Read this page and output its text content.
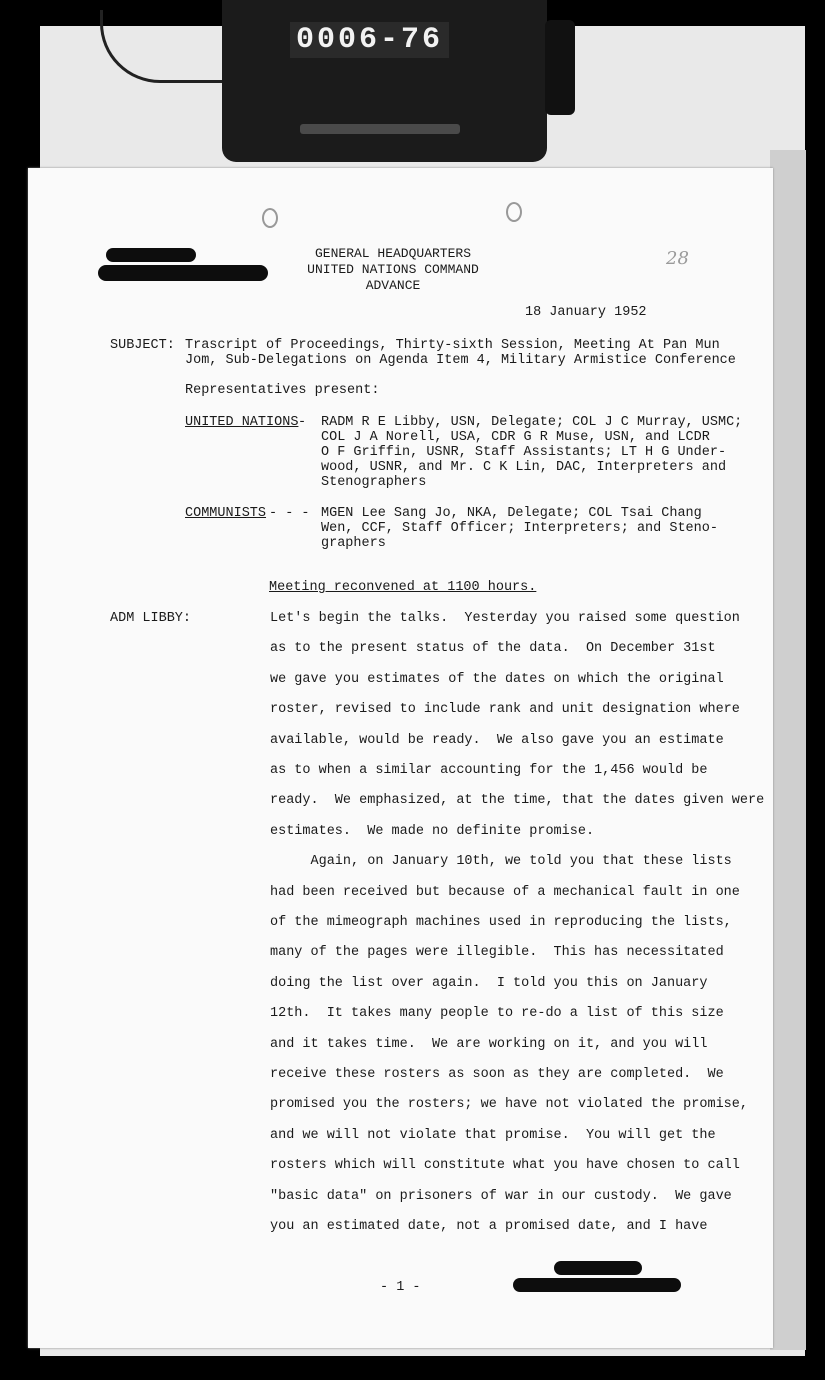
0006-76
GENERAL HEADQUARTERS
UNITED NATIONS COMMAND
ADVANCE
28
18 January 1952
SUBJECT: Trascript of Proceedings, Thirty-sixth Session, Meeting At Pan Mun
Jom, Sub-Delegations on Agenda Item 4, Military Armistice Conference
Representatives present:
UNITED NATIONS - RADM R E Libby, USN, Delegate; COL J C Murray, USMC;
COL J A Norell, USA, CDR G R Muse, USN, and LCDR
O F Griffin, USNR, Staff Assistants; LT H G Under-
wood, USNR, and Mr. C K Lin, DAC, Interpreters and
Stenographers
COMMUNISTS - - - MGEN Lee Sang Jo, NKA, Delegate; COL Tsai Chang
Wen, CCF, Staff Officer; Interpreters; and Steno-
graphers
Meeting reconvened at 1100 hours.
ADM LIBBY:	Let's begin the talks.  Yesterday you raised some question
as to the present status of the data.  On December 31st
we gave you estimates of the dates on which the original
roster, revised to include rank and unit designation where
available, would be ready.  We also gave you an estimate
as to when a similar accounting for the 1,456 would be
ready.  We emphasized, at the time, that the dates given were
estimates.  We made no definite promise.
Again, on January 10th, we told you that these lists
had been received but because of a mechanical fault in one
of the mimeograph machines used in reproducing the lists,
many of the pages were illegible.  This has necessitated
doing the list over again.  I told you this on January
12th.  It takes many people to re-do a list of this size
and it takes time.  We are working on it, and you will
receive these rosters as soon as they are completed.  We
promised you the rosters; we have not violated the promise,
and we will not violate that promise.  You will get the
rosters which will constitute what you have chosen to call
"basic data" on prisoners of war in our custody.  We gave
you an estimated date, not a promised date, and I have
- 1 -
